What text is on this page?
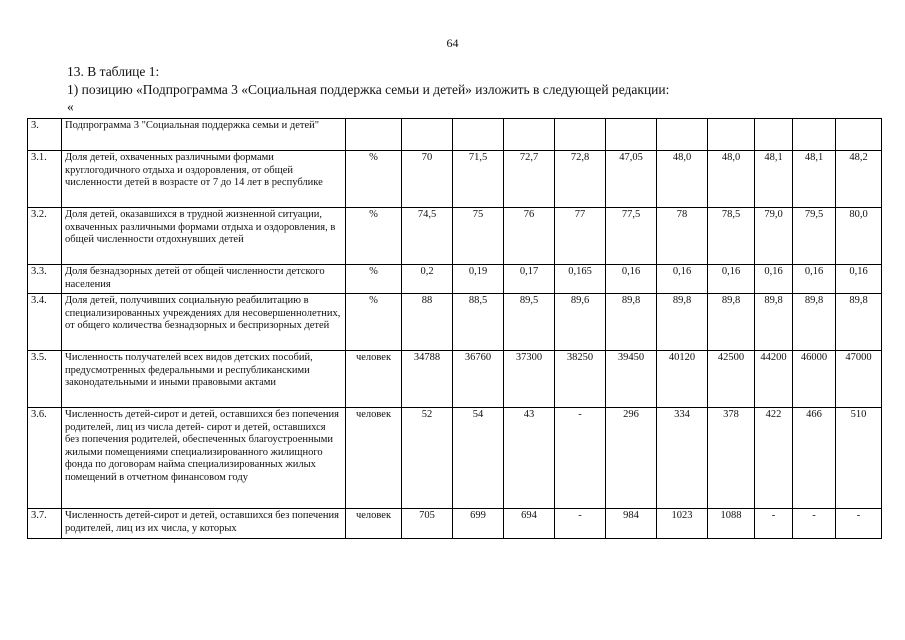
64
13. В таблице 1:
1) позицию «Подпрограмма 3 «Социальная поддержка семьи и детей» изложить в следующей редакции:
«
3.	Подпрограмма 3 "Социальная поддержка семьи и детей"											
3.1.	Доля детей, охваченных различными формами круглогодичного отдыха и оздоровления, от общей численности детей в возрасте от 7 до 14 лет в республике	%	70	71,5	72,7	72,8	47,05	48,0	48,0	48,1	48,1	48,2
3.2.	Доля детей, оказавшихся в трудной жизненной ситуации, охваченных различными формами отдыха и оздоровления, в общей численности отдохнувших детей	%	74,5	75	76	77	77,5	78	78,5	79,0	79,5	80,0
3.3.	Доля безнадзорных детей от общей численности детского населения	%	0,2	0,19	0,17	0,165	0,16	0,16	0,16	0,16	0,16	0,16
3.4.	Доля детей, получивших социальную реабилитацию в специализированных учреждениях для несовершеннолетних, от общего количества безнадзорных и беспризорных детей	%	88	88,5	89,5	89,6	89,8	89,8	89,8	89,8	89,8	89,8
3.5.	Численность получателей всех видов детских пособий, предусмотренных федеральными и республиканскими законодательными и иными правовыми актами	человек	34788	36760	37300	38250	39450	40120	42500	44200	46000	47000
3.6.	Численность детей-сирот и детей, оставшихся без попечения родителей, лиц из числа детей- сирот и детей, оставшихся без попечения родителей, обеспеченных благоустроенными жилыми помещениями специализированного жилищного фонда по договорам найма специализированных жилых помещений в отчетном финансовом году	человек	52	54	43	-	296	334	378	422	466	510
3.7.	Численность детей-сирот и детей, оставшихся без попечения родителей, лиц из их числа, у которых	человек	705	699	694	-	984	1023	1088	-	-	-
